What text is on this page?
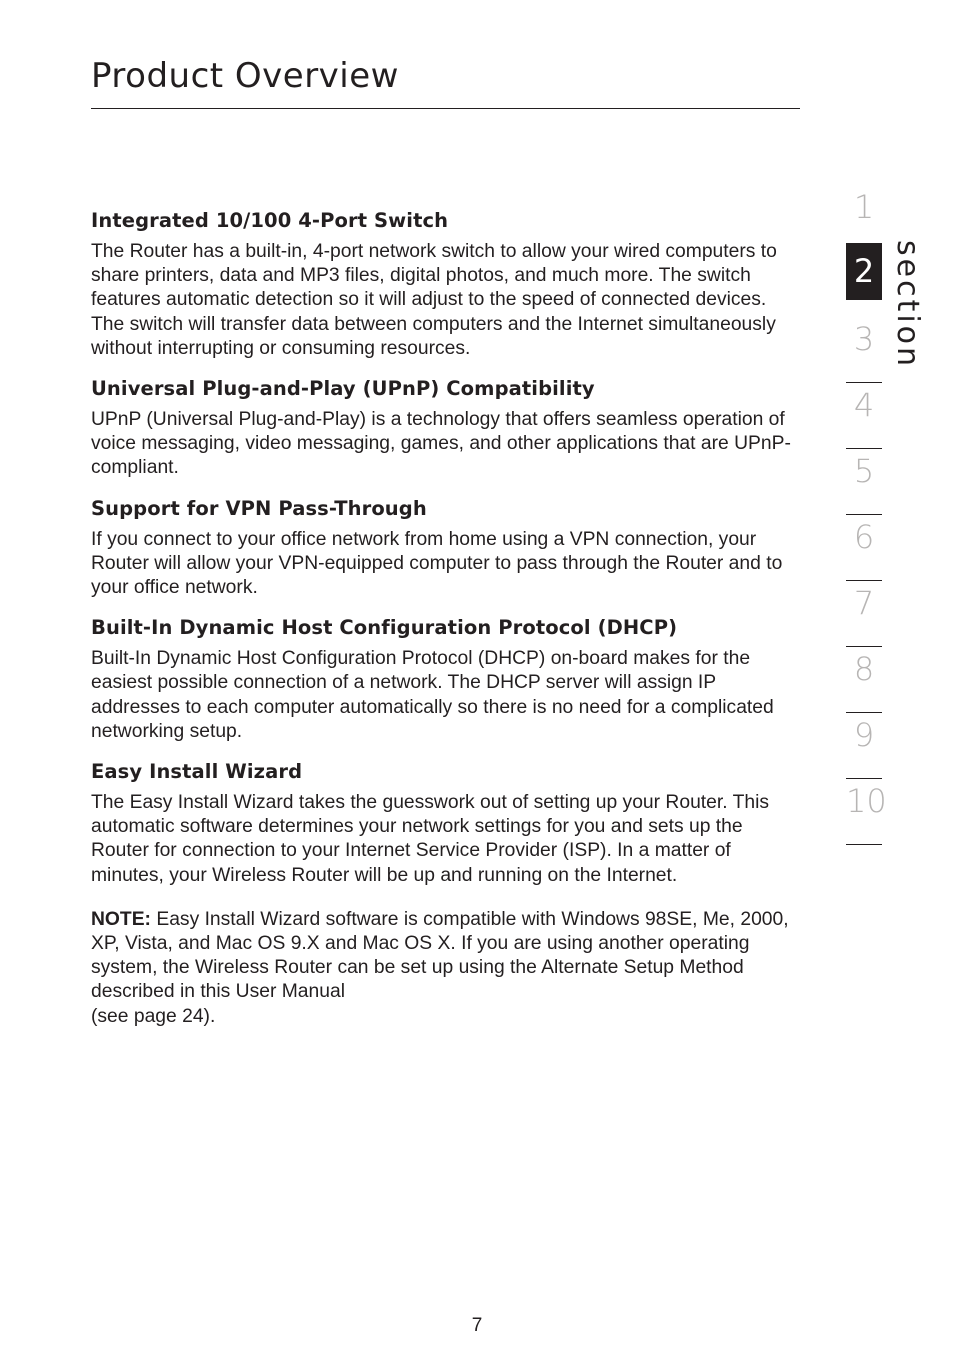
Product Overview
Integrated 10/100 4-Port Switch

The Router has a built-in, 4-port network switch to allow your wired computers to share printers, data and MP3 files, digital photos, and much more. The switch features automatic detection so it will adjust to the speed of connected devices. The switch will transfer data between computers and the Internet simultaneously without interrupting or consuming resources.

Universal Plug-and-Play (UPnP) Compatibility

UPnP (Universal Plug-and-Play) is a technology that offers seamless operation of voice messaging, video messaging, games, and other applications that are UPnP-compliant.

Support for VPN Pass-Through

If you connect to your office network from home using a VPN connection, your Router will allow your VPN-equipped computer to pass through the Router and to your office network.

Built-In Dynamic Host Configuration Protocol (DHCP)

Built-In Dynamic Host Configuration Protocol (DHCP) on-board makes for the easiest possible connection of a network. The DHCP server will assign IP addresses to each computer automatically so there is no need for a complicated networking setup.

Easy Install Wizard

The Easy Install Wizard takes the guesswork out of setting up your Router. This automatic software determines your network settings for you and sets up the Router for connection to your Internet Service Provider (ISP). In a matter of minutes, your Wireless Router will be up and running on the Internet.

NOTE: Easy Install Wizard software is compatible with Windows 98SE, Me, 2000, XP, Vista, and Mac OS 9.X and Mac OS X. If you are using another operating system, the Wireless Router can be set up using the Alternate Setup Method described in this User Manual
(see page 24).

1
3
4
5
6
7
8
9
10
2 section
7
